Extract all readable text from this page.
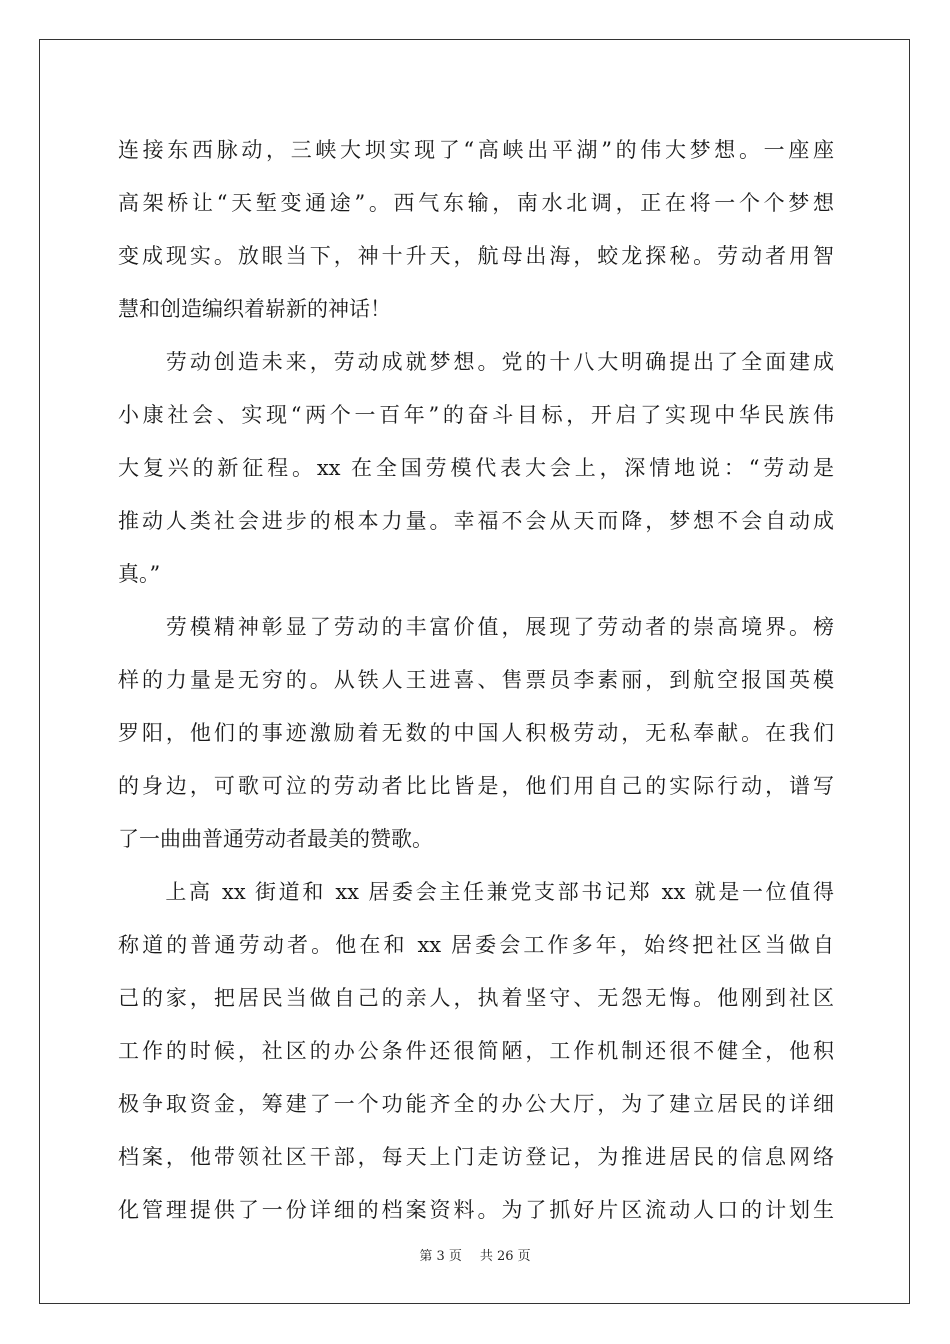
连接东西脉动，三峡大坝实现了“高峡出平湖”的伟大梦想。一座座
高架桥让“天堑变通途”。西气东输，南水北调，正在将一个个梦想
变成现实。放眼当下，神十升天，航母出海，蛟龙探秘。劳动者用智
慧和创造编织着崭新的神话！
　　劳动创造未来，劳动成就梦想。党的十八大明确提出了全面建成
小康社会、实现“两个一百年”的奋斗目标，开启了实现中华民族伟
大复兴的新征程。xx 在全国劳模代表大会上，深情地说：“劳动是
推动人类社会进步的根本力量。幸福不会从天而降，梦想不会自动成
真。”
　　劳模精神彰显了劳动的丰富价值，展现了劳动者的崇高境界。榜
样的力量是无穷的。从铁人王进喜、售票员李素丽，到航空报国英模
罗阳，他们的事迹激励着无数的中国人积极劳动，无私奉献。在我们
的身边，可歌可泣的劳动者比比皆是，他们用自己的实际行动，谱写
了一曲曲普通劳动者最美的赞歌。
　　上高 xx 街道和 xx 居委会主任兼党支部书记郑 xx 就是一位值得
称道的普通劳动者。他在和 xx 居委会工作多年，始终把社区当做自
己的家，把居民当做自己的亲人，执着坚守、无怨无悔。他刚到社区
工作的时候，社区的办公条件还很简陋，工作机制还很不健全，他积
极争取资金，筹建了一个功能齐全的办公大厅，为了建立居民的详细
档案，他带领社区干部，每天上门走访登记，为推进居民的信息网络
化管理提供了一份详细的档案资料。为了抓好片区流动人口的计划生
第 3 页 共 26 页
